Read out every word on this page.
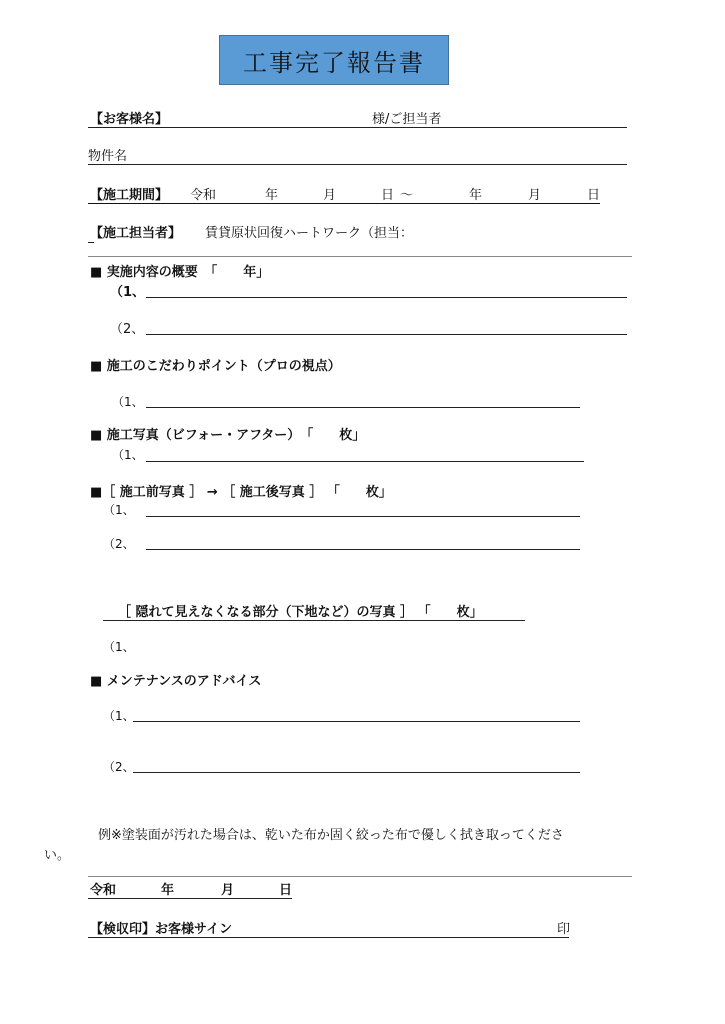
工事完了報告書
【お客様名】	様/ご担当者
物件名
【施工期間】 令和	年	月	日 ～	年	月	日
【施工担当者】 賃貸原状回復ハートワーク（担当：
■ 実施内容の概要　「　　年」
（1、
（2、
■ 施工のこだわりポイント（プロの視点）
（1、
■ 施工写真（ビフォー・アフター）　「　　枚」
（1、
■［ 施工前写真 ］ → ［ 施工後写真 ］ 「　　枚」
（1、
（2、
［ 隠れて見えなくなる部分（下地など）の写真 ］ 「　　枚」
（1、
■ メンテナンスのアドバイス
（1、
（2、
例※塗装面が汚れた場合は、乾いた布か固く絞った布で優しく拭き取ってくださ
い。
令和	年	月	日
【検収印】お客様サイン	印
